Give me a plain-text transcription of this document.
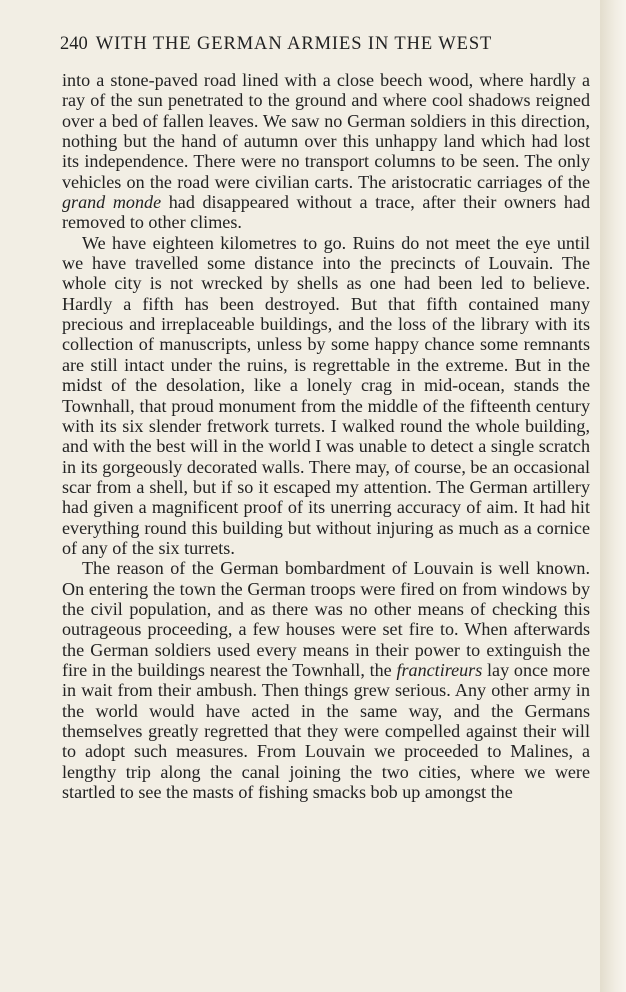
240 WITH THE GERMAN ARMIES IN THE WEST

into a stone-paved road lined with a close beech wood, where hardly a ray of the sun penetrated to the ground and where cool shadows reigned over a bed of fallen leaves. We saw no German soldiers in this direction, nothing but the hand of autumn over this unhappy land which had lost its independence. There were no transport columns to be seen. The only vehicles on the road were civilian carts. The aristocratic carriages of the grand monde had disappeared without a trace, after their owners had removed to other climes.

We have eighteen kilometres to go. Ruins do not meet the eye until we have travelled some distance into the precincts of Louvain. The whole city is not wrecked by shells as one had been led to believe. Hardly a fifth has been destroyed. But that fifth contained many precious and irreplaceable buildings, and the loss of the library with its collection of manuscripts, unless by some happy chance some remnants are still intact under the ruins, is regrettable in the extreme. But in the midst of the desolation, like a lonely crag in mid-ocean, stands the Townhall, that proud monument from the middle of the fifteenth century with its six slender fretwork turrets. I walked round the whole building, and with the best will in the world I was unable to detect a single scratch in its gorgeously decorated walls. There may, of course, be an occasional scar from a shell, but if so it escaped my attention. The German artillery had given a magnificent proof of its unerring accuracy of aim. It had hit everything round this building but without injuring as much as a cornice of any of the six turrets.

The reason of the German bombardment of Louvain is well known. On entering the town the German troops were fired on from windows by the civil population, and as there was no other means of checking this outrageous proceeding, a few houses were set fire to. When afterwards the German soldiers used every means in their power to extinguish the fire in the buildings nearest the Townhall, the franctireurs lay once more in wait from their ambush. Then things grew serious. Any other army in the world would have acted in the same way, and the Germans themselves greatly regretted that they were compelled against their will to adopt such measures. From Louvain we proceeded to Malines, a lengthy trip along the canal joining the two cities, where we were startled to see the masts of fishing smacks bob up amongst the
